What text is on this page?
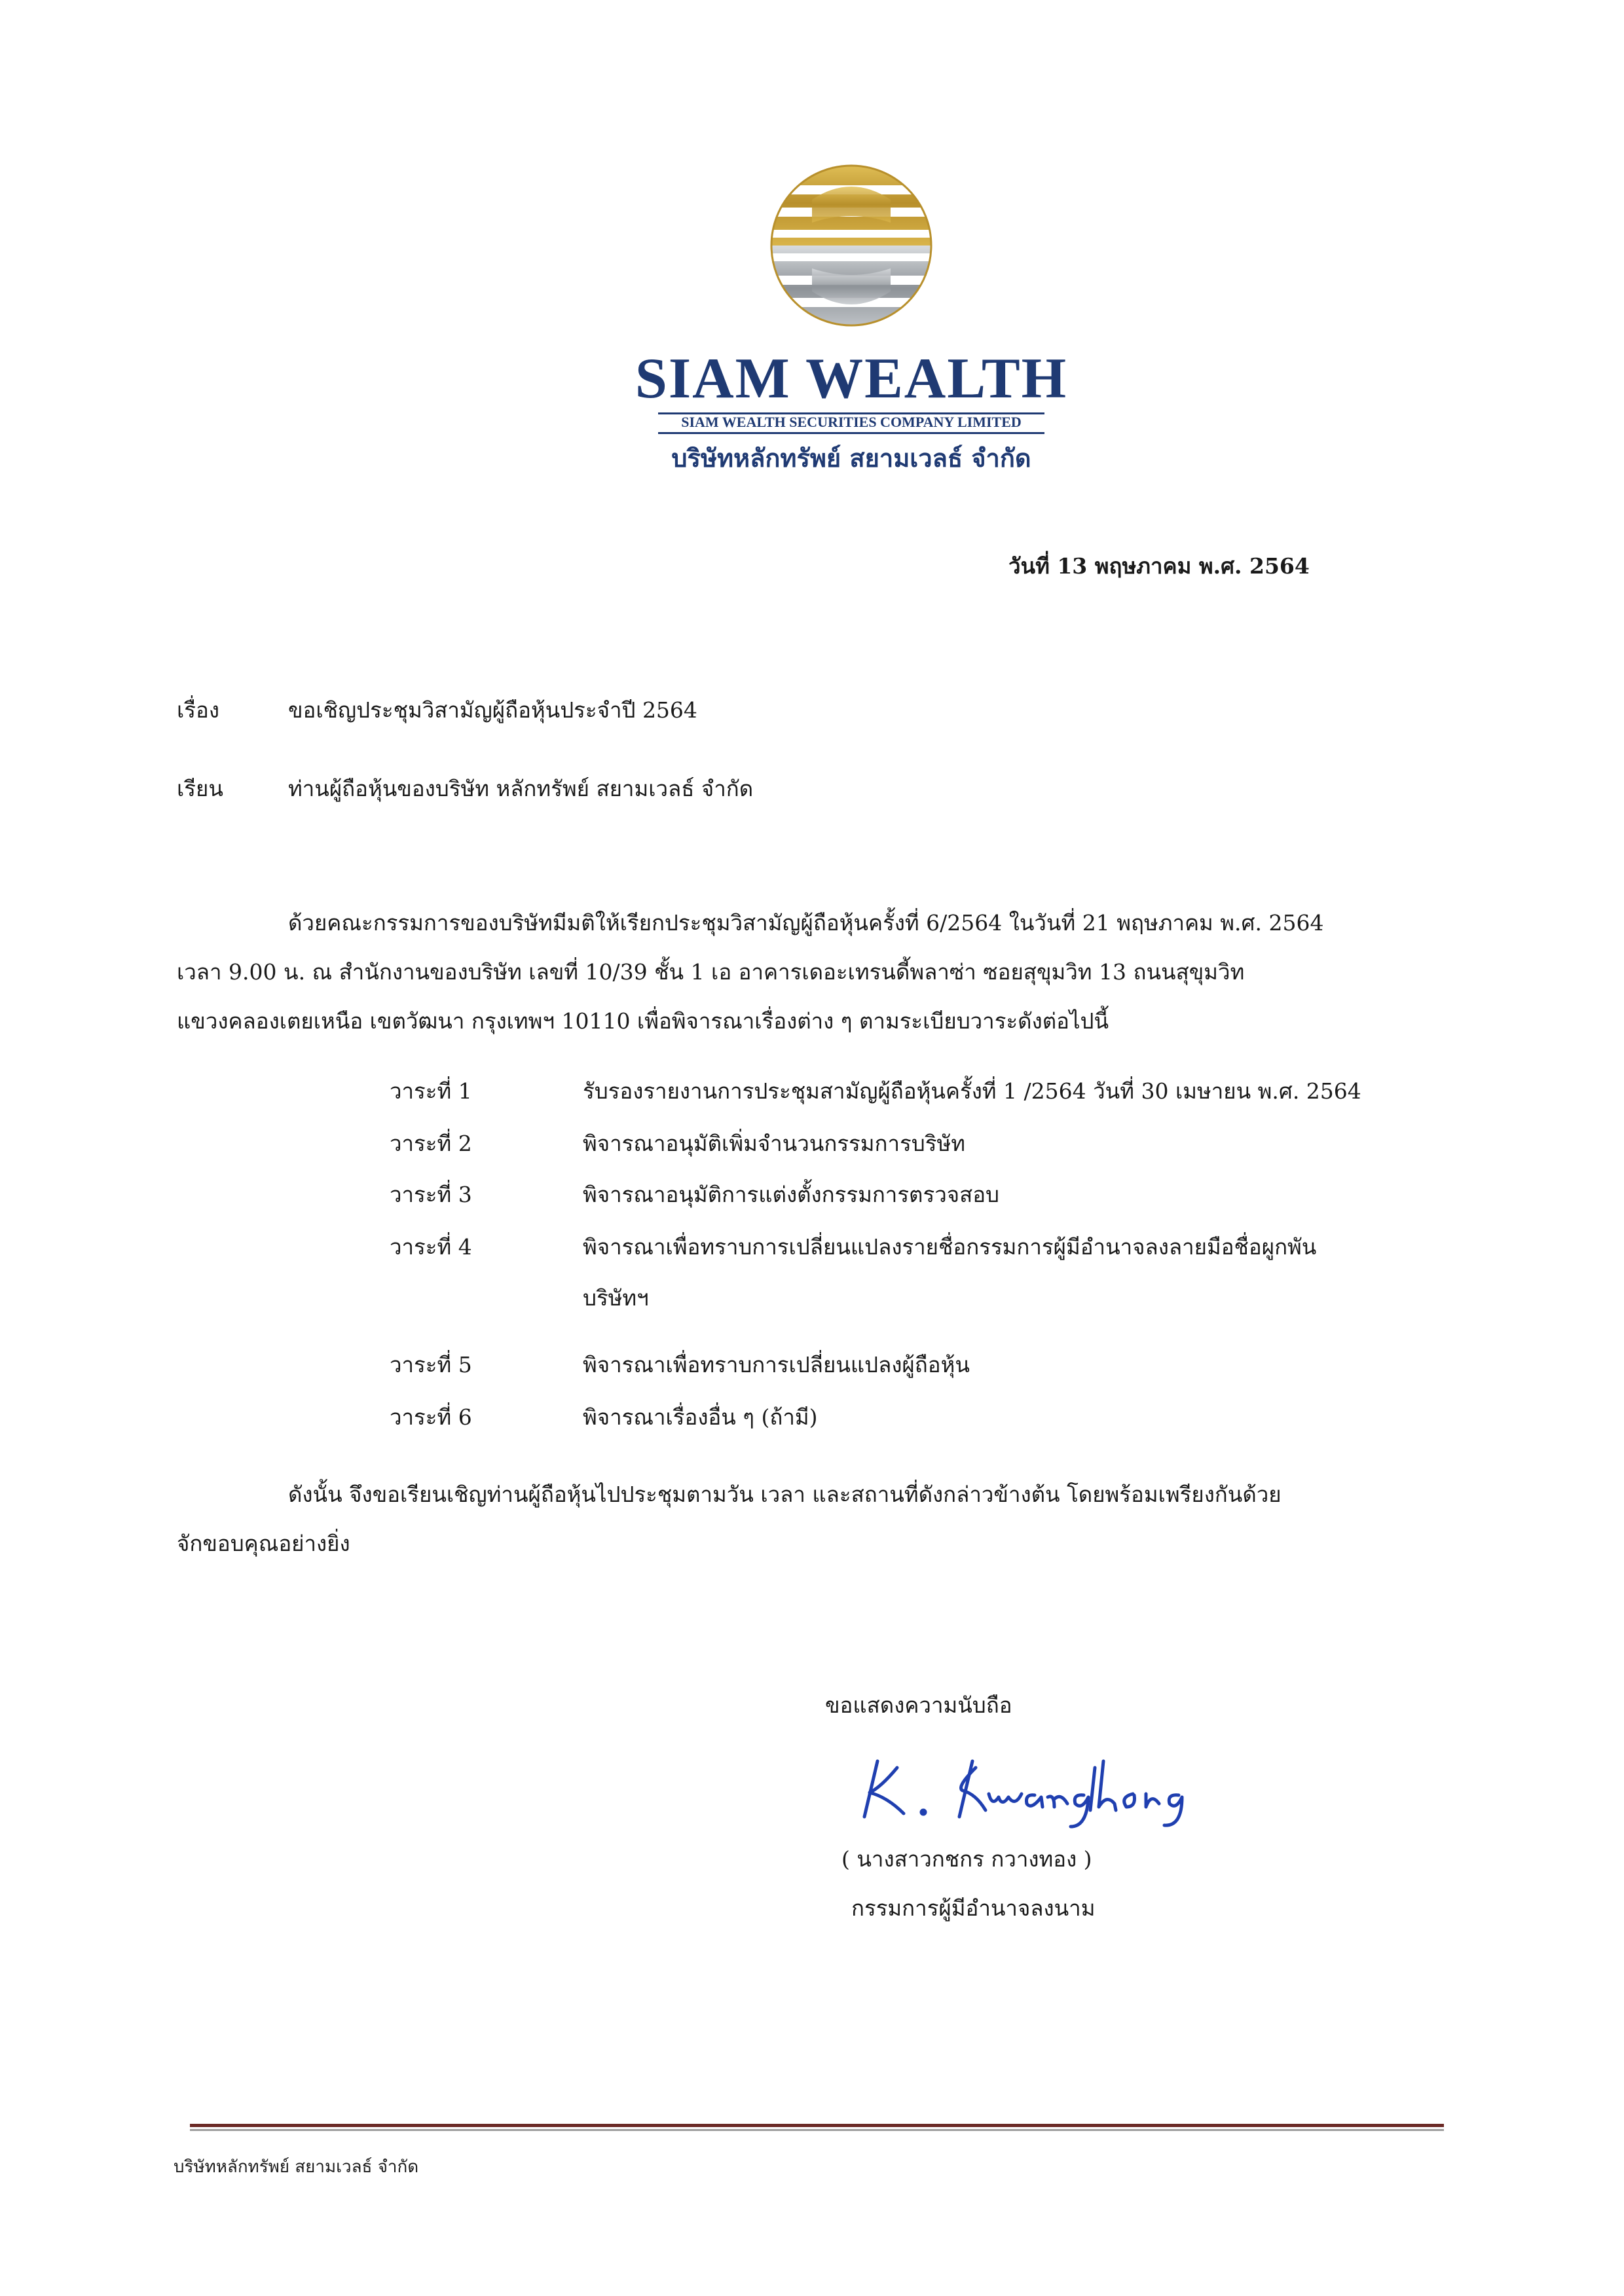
SIAM WEALTH
SIAM WEALTH SECURITIES COMPANY LIMITED
บริษัทหลักทรัพย์ สยามเวลธ์ จำกัด
วันที่ 13 พฤษภาคม พ.ศ. 2564
เรื่อง	ขอเชิญประชุมวิสามัญผู้ถือหุ้นประจำปี 2564
เรียน	ท่านผู้ถือหุ้นของบริษัท หลักทรัพย์ สยามเวลธ์ จำกัด
ด้วยคณะกรรมการของบริษัทมีมติให้เรียกประชุมวิสามัญผู้ถือหุ้นครั้งที่ 6/2564 ในวันที่ 21 พฤษภาคม พ.ศ. 2564
เวลา 9.00 น. ณ สำนักงานของบริษัท เลขที่ 10/39 ชั้น 1 เอ อาคารเดอะเทรนดี้พลาซ่า ซอยสุขุมวิท 13 ถนนสุขุมวิท
แขวงคลองเตยเหนือ เขตวัฒนา กรุงเทพฯ 10110 เพื่อพิจารณาเรื่องต่าง ๆ ตามระเบียบวาระดังต่อไปนี้
วาระที่ 1	รับรองรายงานการประชุมสามัญผู้ถือหุ้นครั้งที่ 1 /2564 วันที่ 30 เมษายน พ.ศ. 2564
วาระที่ 2	พิจารณาอนุมัติเพิ่มจำนวนกรรมการบริษัท
วาระที่ 3	พิจารณาอนุมัติการแต่งตั้งกรรมการตรวจสอบ
วาระที่ 4	พิจารณาเพื่อทราบการเปลี่ยนแปลงรายชื่อกรรมการผู้มีอำนาจลงลายมือชื่อผูกพัน
บริษัทฯ
วาระที่ 5	พิจารณาเพื่อทราบการเปลี่ยนแปลงผู้ถือหุ้น
วาระที่ 6	พิจารณาเรื่องอื่น ๆ (ถ้ามี)
ดังนั้น จึงขอเรียนเชิญท่านผู้ถือหุ้นไปประชุมตามวัน เวลา และสถานที่ดังกล่าวข้างต้น โดยพร้อมเพรียงกันด้วย
จักขอบคุณอย่างยิ่ง
ขอแสดงความนับถือ
( นางสาวกชกร กวางทอง )
กรรมการผู้มีอำนาจลงนาม
บริษัทหลักทรัพย์ สยามเวลธ์ จำกัด
